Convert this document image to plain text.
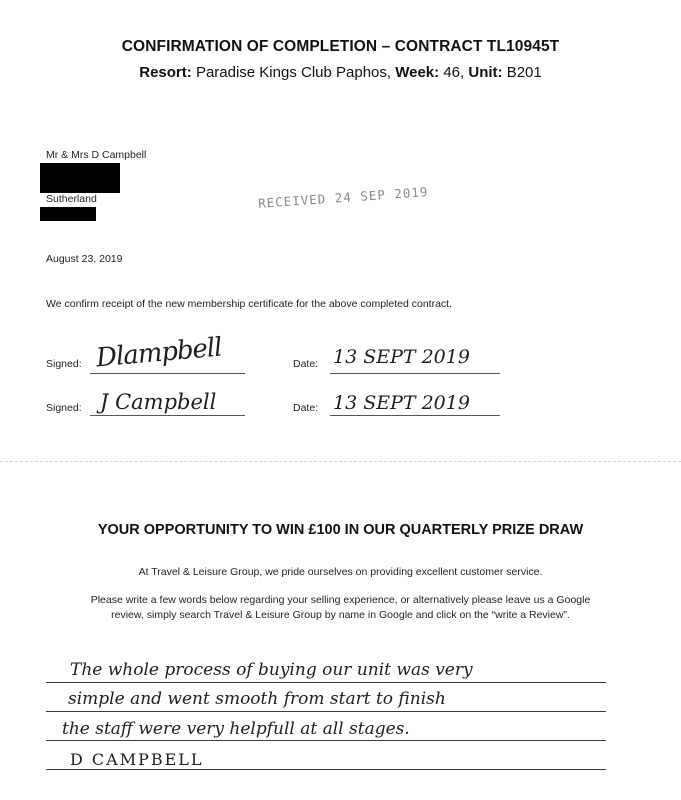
CONFIRMATION OF COMPLETION – CONTRACT TL10945T
Resort: Paradise Kings Club Paphos, Week: 46, Unit: B201
Mr & Mrs D Campbell
Sutherland	RECEIVED 24 SEP 2019
August 23, 2019
We confirm receipt of the new membership certificate for the above completed contract.
Signed: Dlampbell	Date: 13 SEPT 2019
Signed: J Campbell	Date: 13 SEPT 2019
YOUR OPPORTUNITY TO WIN £100 IN OUR QUARTERLY PRIZE DRAW
At Travel & Leisure Group, we pride ourselves on providing excellent customer service.
Please write a few words below regarding your selling experience, or alternatively please leave us a Google
review, simply search Travel & Leisure Group by name in Google and click on the “write a Review”.
The whole process of buying our unit was very
simple and went smooth from start to finish
the staff were very helpfull at all stages.
D CAMPBELL
